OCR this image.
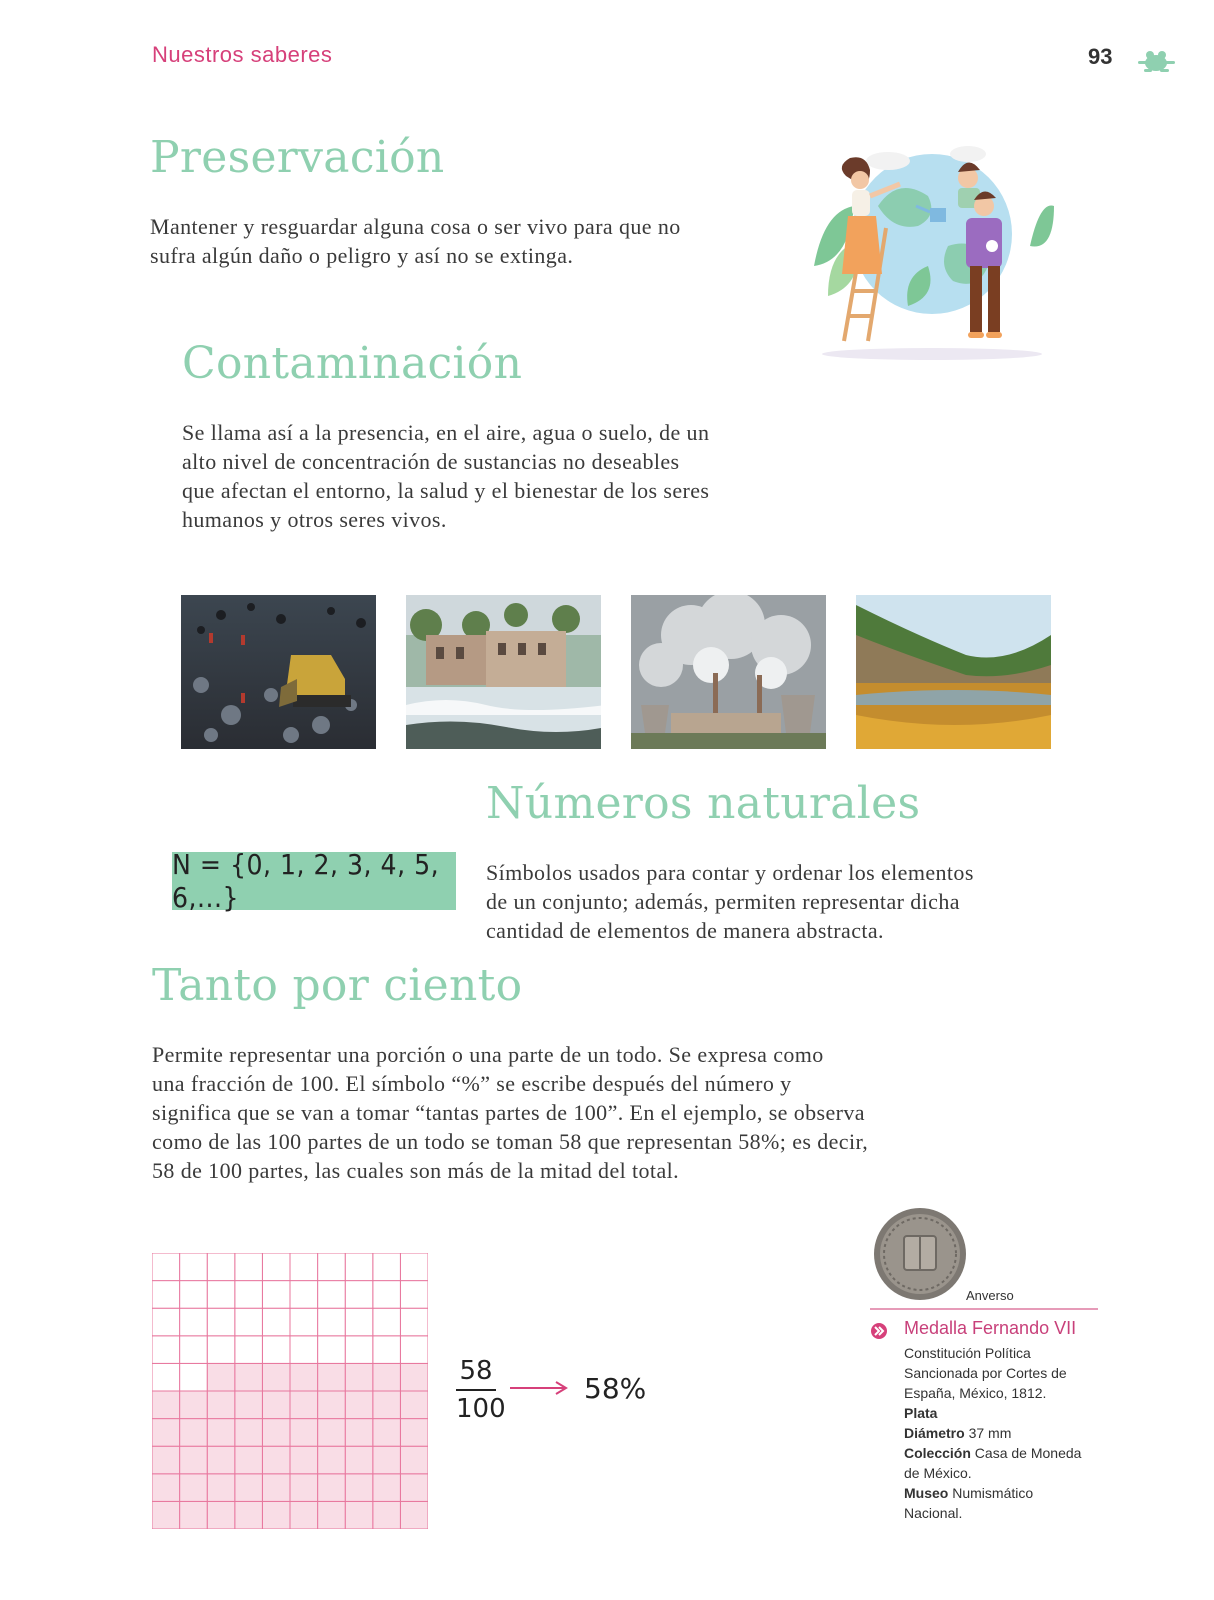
Nuestros saberes	93
Preservación

Mantener y resguardar alguna cosa o ser vivo para que no

sufra algún daño o peligro y así no se extinga.

Contaminación

Se llama así a la presencia, en el aire, agua o suelo, de un

alto nivel de concentración de sustancias no deseables

que afectan el entorno, la salud y el bienestar de los seres

humanos y otros seres vivos.

Números naturales
N = {0, 1, 2, 3, 4, 5, 6,...}

Símbolos usados para contar y ordenar los elementos

de un conjunto; además, permiten representar dicha

cantidad de elementos de manera abstracta.

Tanto por ciento

Permite representar una porción o una parte de un todo. Se expresa como

una fracción de 100. El símbolo “%” se escribe después del número y

significa que se van a tomar “tantas partes de 100”. En el ejemplo, se observa

como de las 100 partes de un todo se toman 58 que representan 58%; es decir,

58 de 100 partes, las cuales son más de la mitad del total.

58
100
58%
Anverso
Medalla Fernando VII
Constitución Política
Sancionada por Cortes de
España, México, 1812.
Plata
Diámetro 37 mm
Colección Casa de Moneda
de México.
Museo Numismático
Nacional.
